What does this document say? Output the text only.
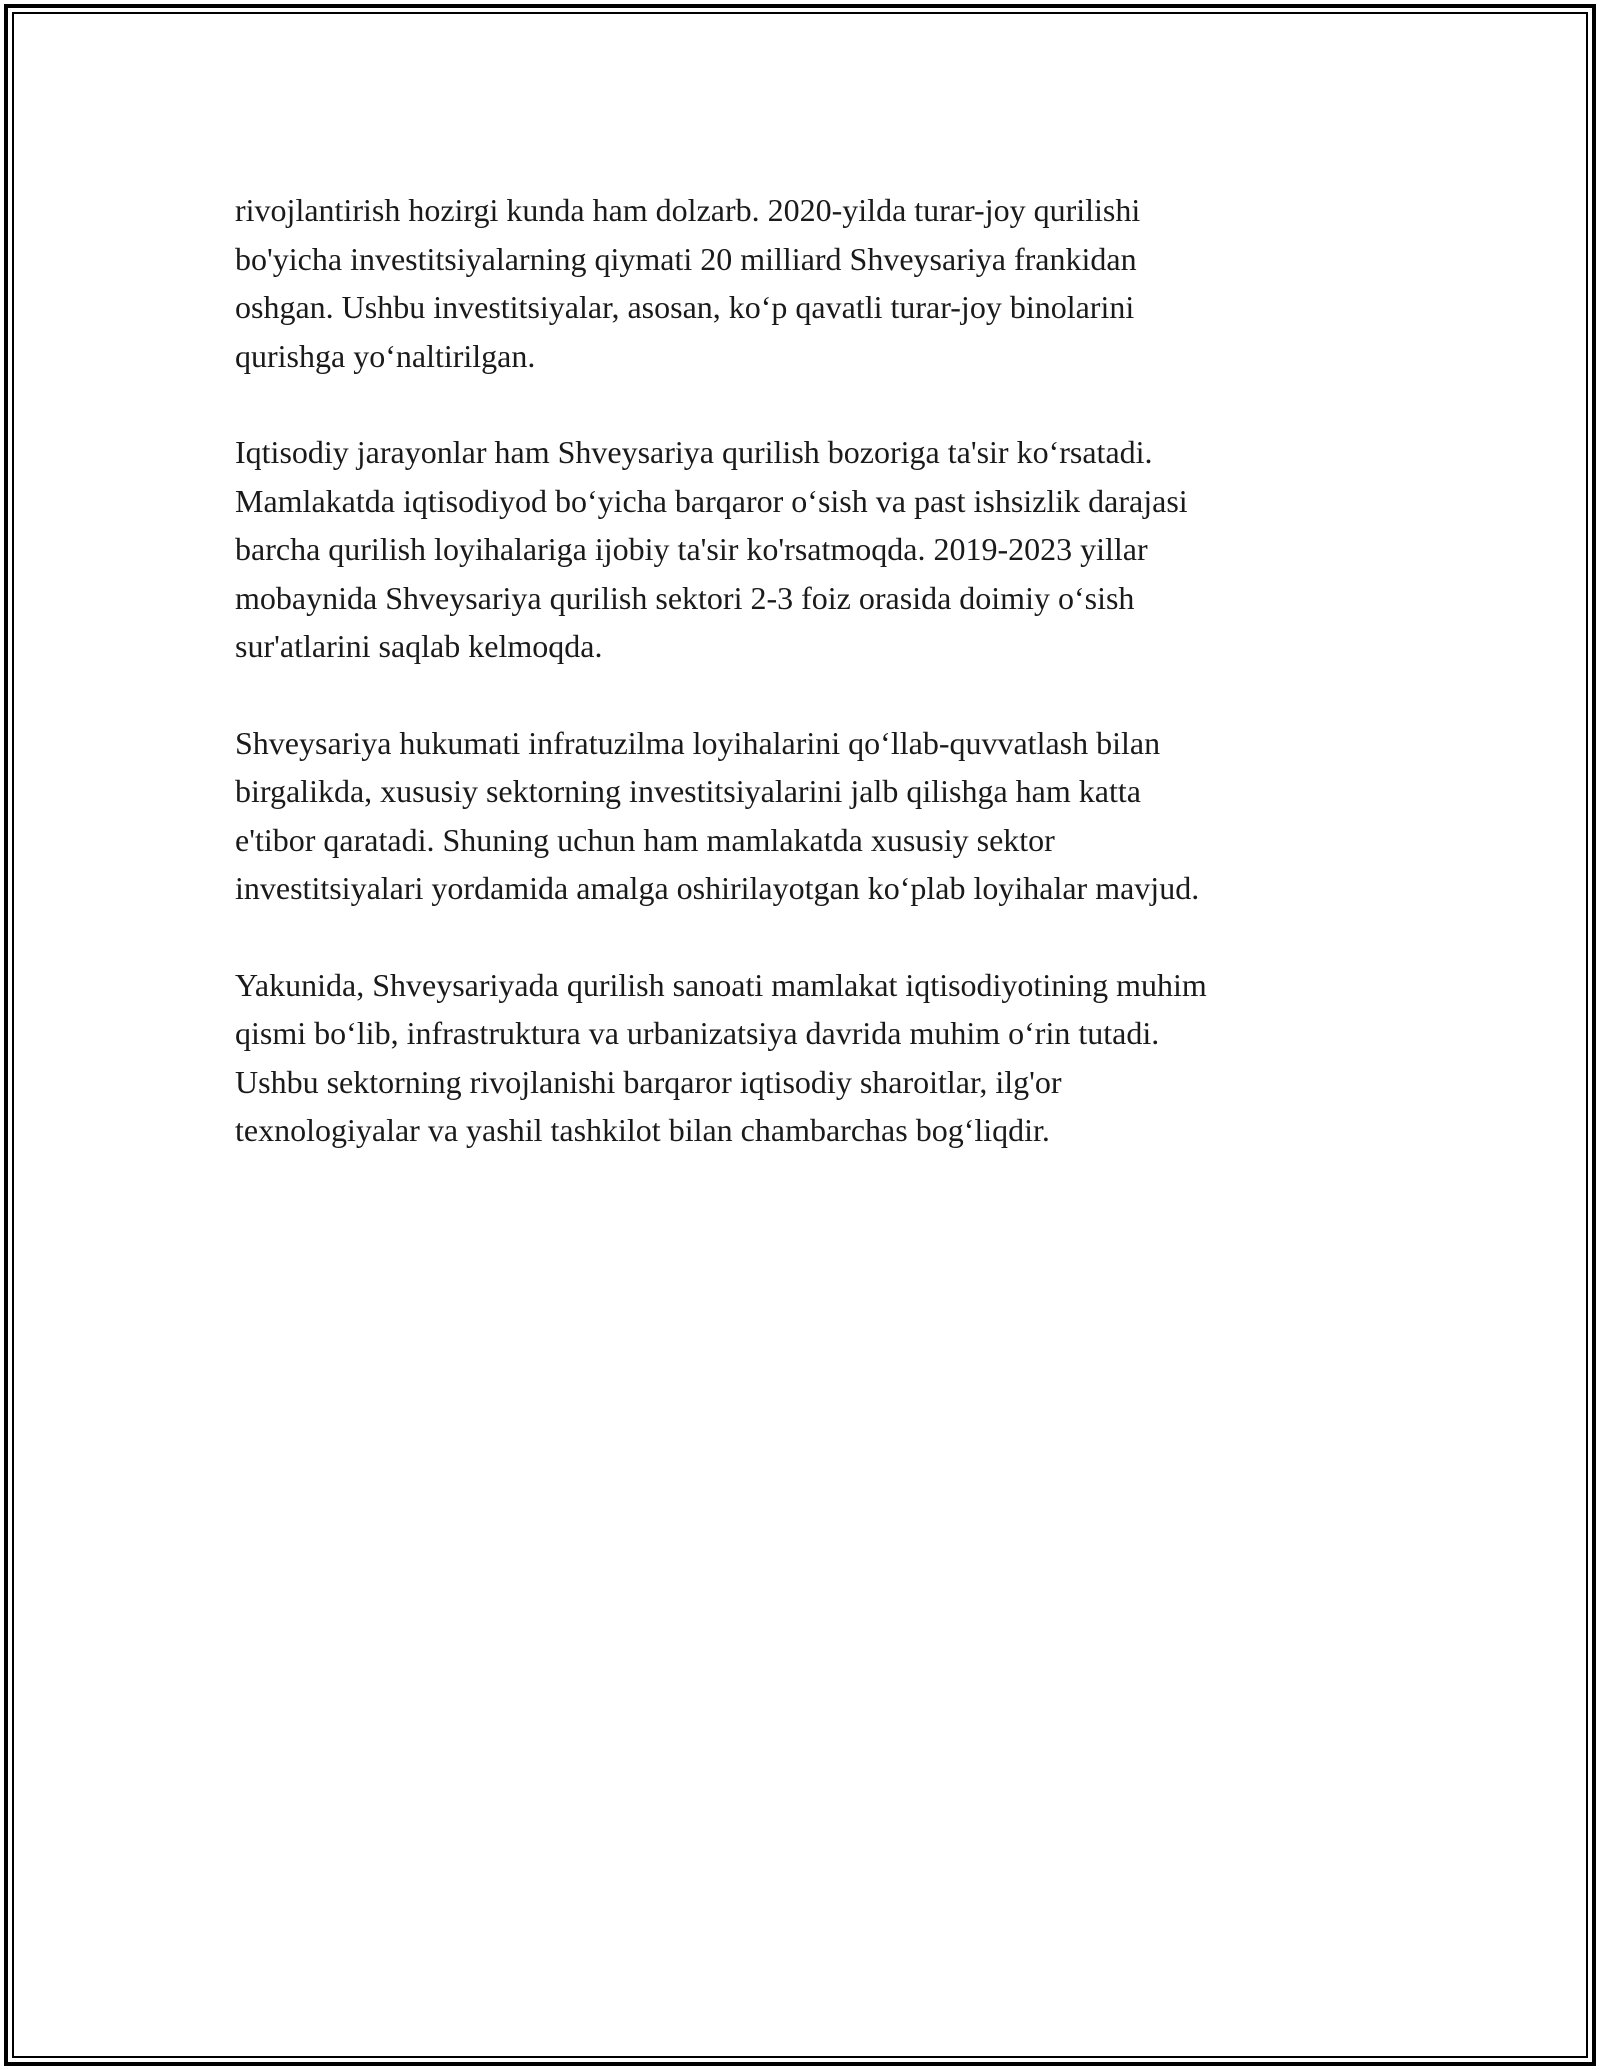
rivojlantirish hozirgi kunda ham dolzarb. 2020-yilda turar-joy qurilishi
bo'yicha investitsiyalarning qiymati 20 milliard Shveysariya frankidan
oshgan. Ushbu investitsiyalar, asosan, ko‘p qavatli turar-joy binolarini
qurishga yo‘naltirilgan.

Iqtisodiy jarayonlar ham Shveysariya qurilish bozoriga ta'sir ko‘rsatadi.
Mamlakatda iqtisodiyod bo‘yicha barqaror o‘sish va past ishsizlik darajasi
barcha qurilish loyihalariga ijobiy ta'sir ko'rsatmoqda. 2019-2023 yillar
mobaynida Shveysariya qurilish sektori 2-3 foiz orasida doimiy o‘sish
sur'atlarini saqlab kelmoqda.

Shveysariya hukumati infratuzilma loyihalarini qo‘llab-quvvatlash bilan
birgalikda, xususiy sektorning investitsiyalarini jalb qilishga ham katta
e'tibor qaratadi. Shuning uchun ham mamlakatda xususiy sektor
investitsiyalari yordamida amalga oshirilayotgan ko‘plab loyihalar mavjud.

Yakunida, Shveysariyada qurilish sanoati mamlakat iqtisodiyotining muhim
qismi bo‘lib, infrastruktura va urbanizatsiya davrida muhim o‘rin tutadi.
Ushbu sektorning rivojlanishi barqaror iqtisodiy sharoitlar, ilg'or
texnologiyalar va yashil tashkilot bilan chambarchas bog‘liqdir.
